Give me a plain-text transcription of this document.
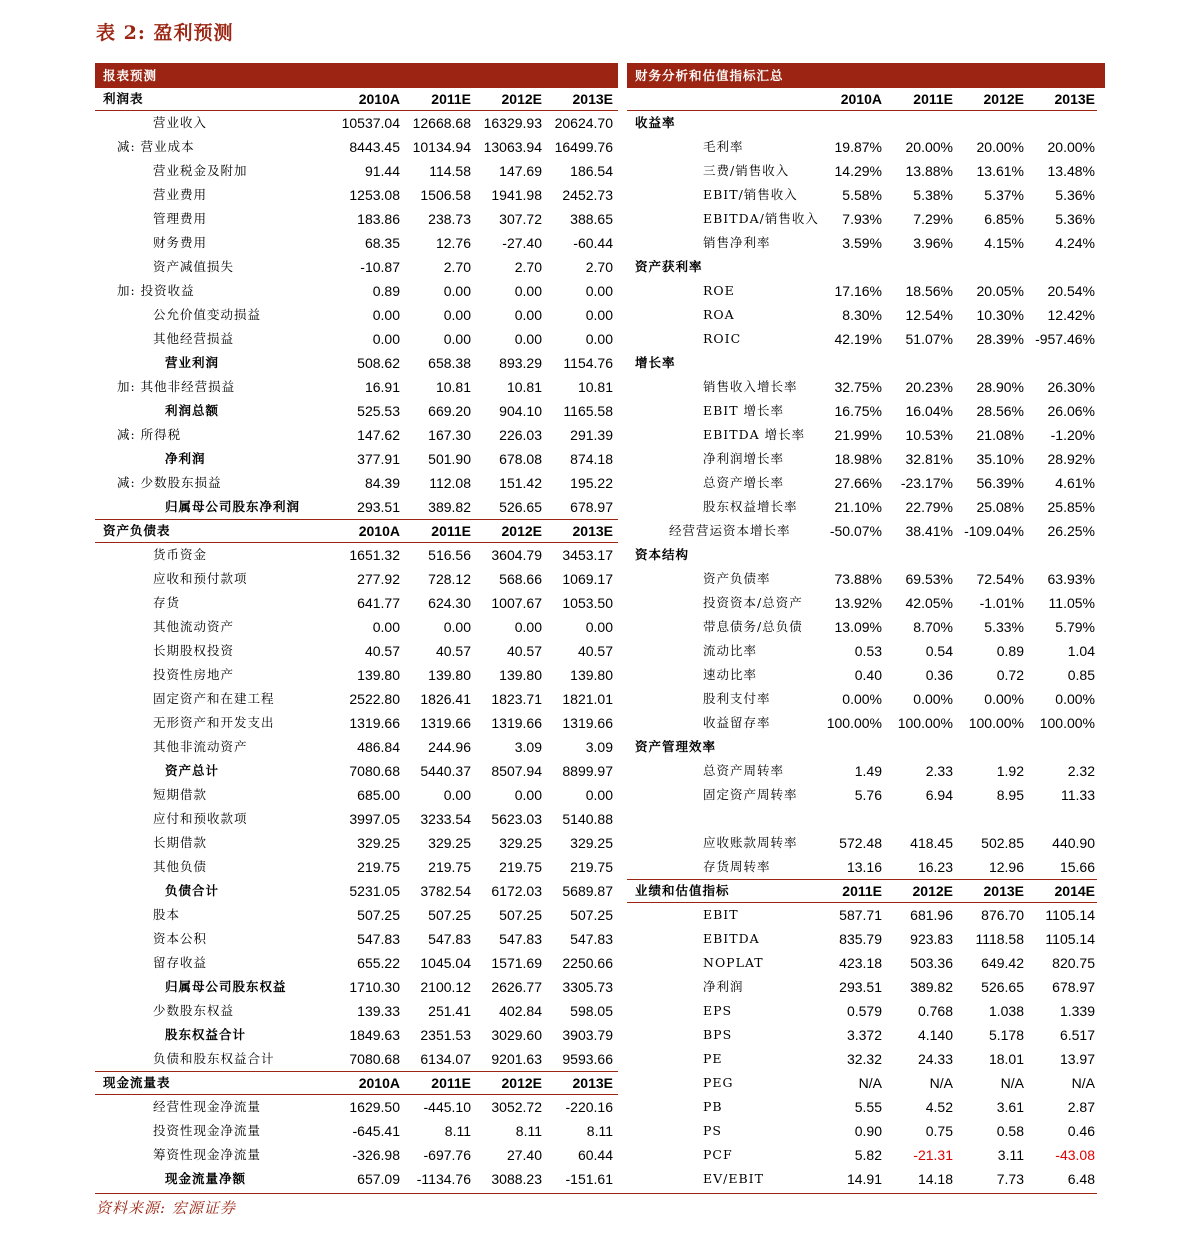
表 2: 盈利预测
报表预测
利润表	2010A	2011E	2012E	2013E
营业收入	10537.04 12668.68 16329.93 20624.70
减: 营业成本	8443.45 10134.94 13063.94 16499.76
营业税金及附加	91.44	114.58	147.69	186.54
营业费用	1253.08	1506.58	1941.98	2452.73
管理费用	183.86	238.73	307.72	388.65
财务费用	68.35	12.76	-27.40	-60.44
资产减值损失	-10.87	2.70	2.70	2.70
加: 投资收益	0.89	0.00	0.00	0.00
公允价值变动损益	0.00	0.00	0.00	0.00
其他经营损益	0.00	0.00	0.00	0.00
营业利润	508.62	658.38	893.29	1154.76
加: 其他非经营损益	16.91	10.81	10.81	10.81
利润总额	525.53	669.20	904.10	1165.58
减: 所得税	147.62	167.30	226.03	291.39
净利润	377.91	501.90	678.08	874.18
减: 少数股东损益	84.39	112.08	151.42	195.22
归属母公司股东净利润	293.51	389.82	526.65	678.97
资产负债表	2010A	2011E	2012E	2013E
货币资金	1651.32	516.56	3604.79	3453.17
应收和预付款项	277.92	728.12	568.66	1069.17
存货	641.77	624.30	1007.67	1053.50
其他流动资产	0.00	0.00	0.00	0.00
长期股权投资	40.57	40.57	40.57	40.57
投资性房地产	139.80	139.80	139.80	139.80
固定资产和在建工程	2522.80	1826.41	1823.71	1821.01
无形资产和开发支出	1319.66	1319.66	1319.66	1319.66
其他非流动资产	486.84	244.96	3.09	3.09
资产总计	7080.68	5440.37	8507.94	8899.97
短期借款	685.00	0.00	0.00	0.00
应付和预收款项	3997.05	3233.54	5623.03	5140.88
长期借款	329.25	329.25	329.25	329.25
其他负债	219.75	219.75	219.75	219.75
负债合计	5231.05	3782.54	6172.03	5689.87
股本	507.25	507.25	507.25	507.25
资本公积	547.83	547.83	547.83	547.83
留存收益	655.22	1045.04	1571.69	2250.66
归属母公司股东权益	1710.30	2100.12	2626.77	3305.73
少数股东权益	139.33	251.41	402.84	598.05
股东权益合计	1849.63	2351.53	3029.60	3903.79
负债和股东权益合计	7080.68	6134.07	9201.63	9593.66
现金流量表	2010A	2011E	2012E	2013E
经营性现金净流量	1629.50	-445.10	3052.72	-220.16
投资性现金净流量	-645.41	8.11	8.11	8.11
筹资性现金净流量	-326.98	-697.76	27.40	60.44
现金流量净额	657.09	-1134.76	3088.23	-151.61
财务分析和估值指标汇总
2010A	2011E	2012E	2013E
收益率
毛利率	19.87%	20.00%	20.00%	20.00%
三费/销售收入	14.29%	13.88%	13.61%	13.48%
EBIT/销售收入	5.58%	5.38%	5.37%	5.36%
EBITDA/销售收入	7.93%	7.29%	6.85%	5.36%
销售净利率	3.59%	3.96%	4.15%	4.24%
资产获利率
ROE	17.16%	18.56%	20.05%	20.54%
ROA	8.30%	12.54%	10.30%	12.42%
ROIC	42.19%	51.07%	28.39% -957.46%
增长率
销售收入增长率	32.75%	20.23%	28.90%	26.30%
EBIT 增长率	16.75%	16.04%	28.56%	26.06%
EBITDA 增长率	21.99%	10.53%	21.08%	-1.20%
净利润增长率	18.98%	32.81%	35.10%	28.92%
总资产增长率	27.66%	-23.17%	56.39%	4.61%
股东权益增长率	21.10%	22.79%	25.08%	25.85%
经营营运资本增长率	-50.07%	38.41% -109.04%	26.25%
资本结构
资产负债率	73.88%	69.53%	72.54%	63.93%
投资资本/总资产	13.92%	42.05%	-1.01%	11.05%
带息债务/总负债	13.09%	8.70%	5.33%	5.79%
流动比率	0.53	0.54	0.89	1.04
速动比率	0.40	0.36	0.72	0.85
股利支付率	0.00%	0.00%	0.00%	0.00%
收益留存率	100.00%	100.00%	100.00%	100.00%
资产管理效率
总资产周转率	1.49	2.33	1.92	2.32
固定资产周转率	5.76	6.94	8.95	11.33
应收账款周转率	572.48	418.45	502.85	440.90
存货周转率	13.16	16.23	12.96	15.66
业绩和估值指标	2011E	2012E	2013E	2014E
EBIT	587.71	681.96	876.70	1105.14
EBITDA	835.79	923.83	1118.58	1105.14
NOPLAT	423.18	503.36	649.42	820.75
净利润	293.51	389.82	526.65	678.97
EPS	0.579	0.768	1.038	1.339
BPS	3.372	4.140	5.178	6.517
PE	32.32	24.33	18.01	13.97
PEG	N/A	N/A	N/A	N/A
PB	5.55	4.52	3.61	2.87
PS	0.90	0.75	0.58	0.46
PCF	5.82	-21.31	3.11	-43.08
EV/EBIT	14.91	14.18	7.73	6.48
资料来源: 宏源证券
